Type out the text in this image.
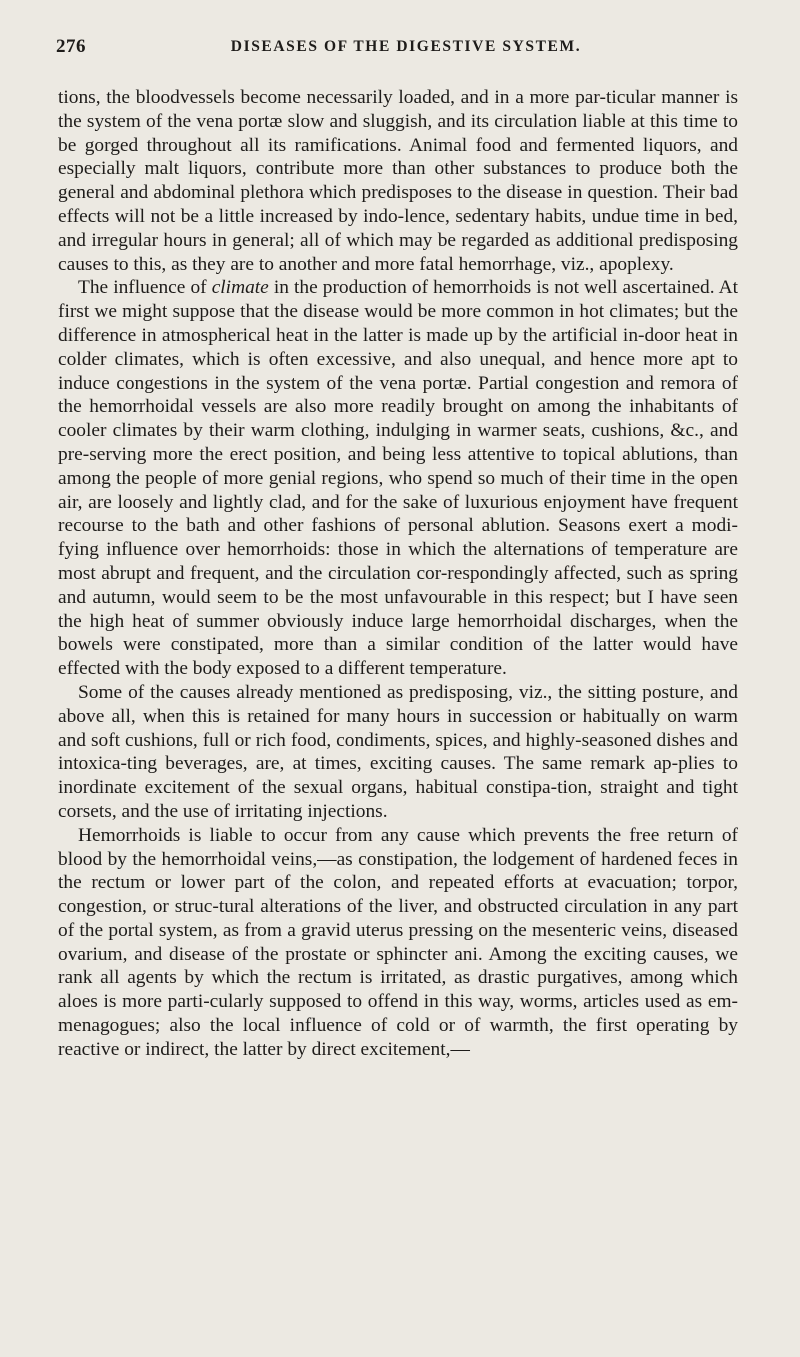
276	DISEASES OF THE DIGESTIVE SYSTEM.

tions, the bloodvessels become necessarily loaded, and in a more par-ticular manner is the system of the vena portæ slow and sluggish, and its circulation liable at this time to be gorged throughout all its ramifications. Animal food and fermented liquors, and especially malt liquors, contribute more than other substances to produce both the general and abdominal plethora which predisposes to the disease in question. Their bad effects will not be a little increased by indo-lence, sedentary habits, undue time in bed, and irregular hours in general; all of which may be regarded as additional predisposing causes to this, as they are to another and more fatal hemorrhage, viz., apoplexy.

The influence of climate in the production of hemorrhoids is not well ascertained. At first we might suppose that the disease would be more common in hot climates; but the difference in atmospherical heat in the latter is made up by the artificial in-door heat in colder climates, which is often excessive, and also unequal, and hence more apt to induce congestions in the system of the vena portæ. Partial congestion and remora of the hemorrhoidal vessels are also more readily brought on among the inhabitants of cooler climates by their warm clothing, indulging in warmer seats, cushions, &c., and pre-serving more the erect position, and being less attentive to topical ablutions, than among the people of more genial regions, who spend so much of their time in the open air, are loosely and lightly clad, and for the sake of luxurious enjoyment have frequent recourse to the bath and other fashions of personal ablution. Seasons exert a modi-fying influence over hemorrhoids: those in which the alternations of temperature are most abrupt and frequent, and the circulation cor-respondingly affected, such as spring and autumn, would seem to be the most unfavourable in this respect; but I have seen the high heat of summer obviously induce large hemorrhoidal discharges, when the bowels were constipated, more than a similar condition of the latter would have effected with the body exposed to a different temperature.

Some of the causes already mentioned as predisposing, viz., the sitting posture, and above all, when this is retained for many hours in succession or habitually on warm and soft cushions, full or rich food, condiments, spices, and highly-seasoned dishes and intoxica-ting beverages, are, at times, exciting causes. The same remark ap-plies to inordinate excitement of the sexual organs, habitual constipa-tion, straight and tight corsets, and the use of irritating injections.

Hemorrhoids is liable to occur from any cause which prevents the free return of blood by the hemorrhoidal veins,—as constipation, the lodgement of hardened feces in the rectum or lower part of the colon, and repeated efforts at evacuation; torpor, congestion, or struc-tural alterations of the liver, and obstructed circulation in any part of the portal system, as from a gravid uterus pressing on the mesenteric veins, diseased ovarium, and disease of the prostate or sphincter ani. Among the exciting causes, we rank all agents by which the rectum is irritated, as drastic purgatives, among which aloes is more parti-cularly supposed to offend in this way, worms, articles used as em-menagogues; also the local influence of cold or of warmth, the first operating by reactive or indirect, the latter by direct excitement,—
